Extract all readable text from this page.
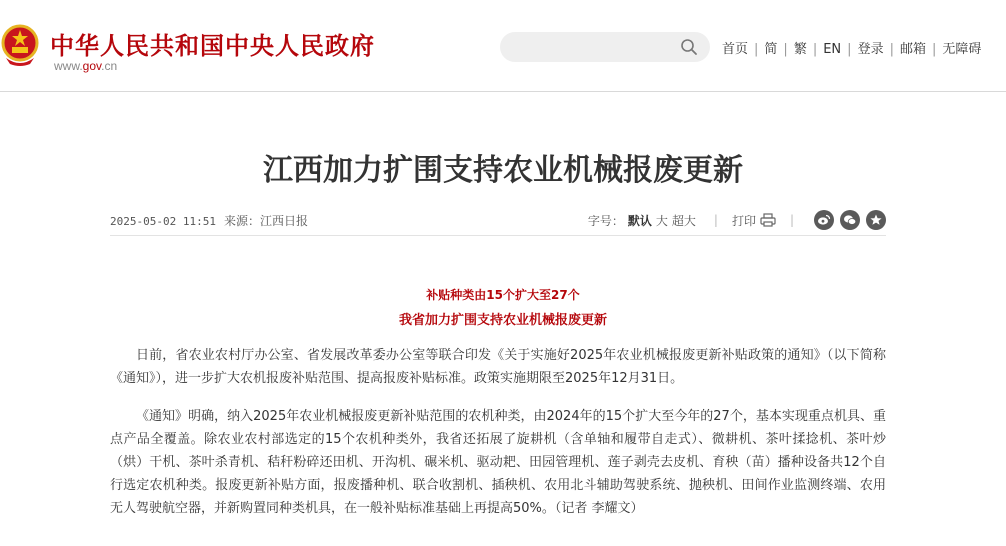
中华人民共和国中央人民政府
www.gov.cn
首页 | 简 | 繁 | EN | 登录 | 邮箱 | 无障碍
江西加力扩围支持农业机械报废更新
2025-05-02 11:51 来源：江西日报	字号： 默认 大 超大 | 打印	|
补贴种类由15个扩大至27个
我省加力扩围支持农业机械报废更新

日前，省农业农村厅办公室、省发展改革委办公室等联合印发《关于实施好2025年农业机械报废更新补贴政策的通知》（以下简称《通知》），进一步扩大农机报废补贴范围、提高报废补贴标准。政策实施期限至2025年12月31日。

《通知》明确，纳入2025年农业机械报废更新补贴范围的农机种类，由2024年的15个扩大至今年的27个，基本实现重点机具、重点产品全覆盖。除农业农村部选定的15个农机种类外，我省还拓展了旋耕机（含单轴和履带自走式）、微耕机、茶叶揉捻机、茶叶炒（烘）干机、茶叶杀青机、秸秆粉碎还田机、开沟机、碾米机、驱动耙、田园管理机、莲子剥壳去皮机、育秧（苗）播种设备共12个自行选定农机种类。报废更新补贴方面，报废播种机、联合收割机、插秧机、农用北斗辅助驾驶系统、抛秧机、田间作业监测终端、农用无人驾驶航空器，并新购置同种类机具，在一般补贴标准基础上再提高50%。（记者 李耀文）
